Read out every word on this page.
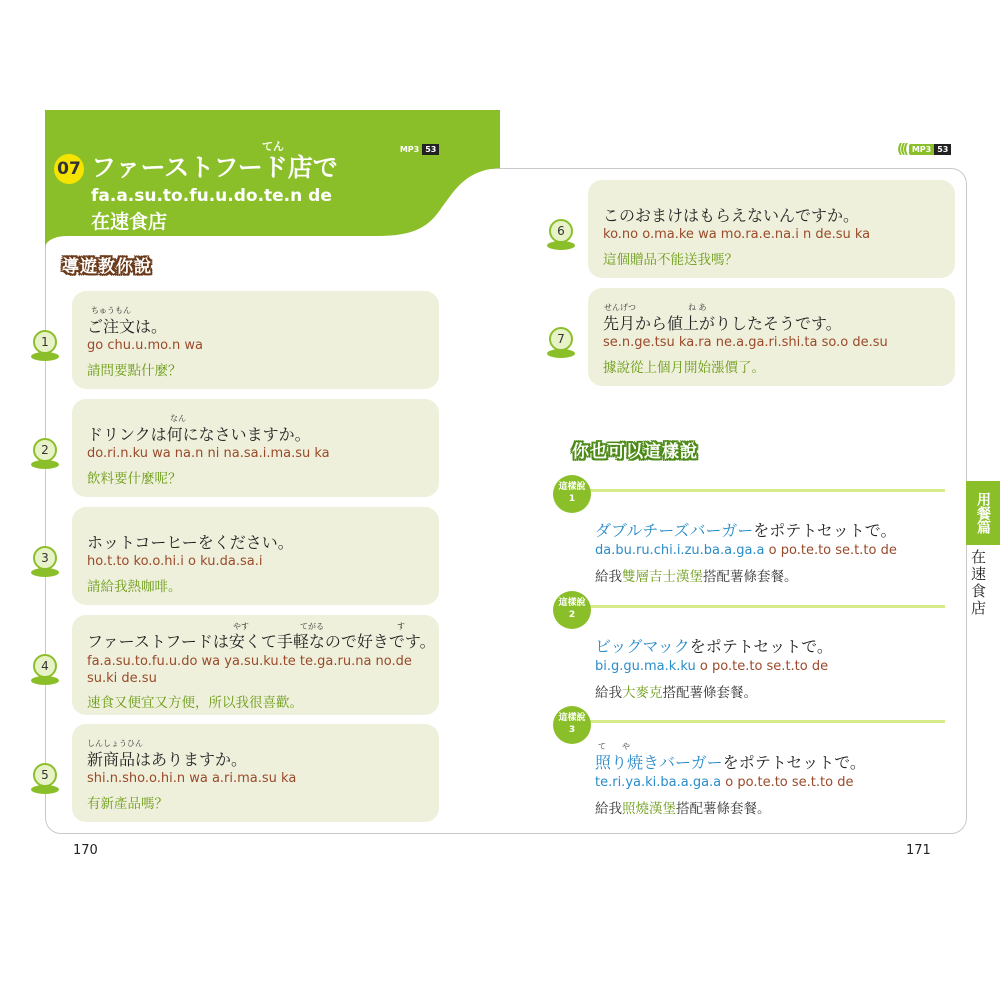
07 ファーストフード店で
てん
fa.a.su.to.fu.u.do.te.n de
在速食店
((( MP3 53	((( MP3 53
導遊教你說
1
ちゅうもん
ご注文は。
go chu.u.mo.n wa
請問要點什麼？
2
なん
ドリンクは何になさいますか。
do.ri.n.ku wa na.n ni na.sa.i.ma.su ka
飲料要什麼呢？
3
ホットコーヒーをください。
ho.t.to ko.o.hi.i o ku.da.sa.i
請給我熱咖啡。
4
やす	てがる	す
ファーストフードは安くて手軽なので好きです。
fa.a.su.to.fu.u.do wa ya.su.ku.te te.ga.ru.na no.de su.ki de.su
速食又便宜又方便，所以我很喜歡。
5
しんしょうひん
新商品はありますか。
shi.n.sho.o.hi.n wa a.ri.ma.su ka
有新產品嗎？
6
このおまけはもらえないんですか。
ko.no o.ma.ke wa mo.ra.e.na.i n de.su ka
這個贈品不能送我嗎？
7
せんげつ	ね あ
先月から値上がりしたそうです。
se.n.ge.tsu ka.ra ne.a.ga.ri.shi.ta so.o de.su
據說從上個月開始漲價了。
你也可以這樣說
這樣說
1
ダブルチーズバーガーをポテトセットで。
da.bu.ru.chi.i.zu.ba.a.ga.a o po.te.to se.t.to de
給我雙層吉士漢堡搭配薯條套餐。
這樣說
2
ビッグマックをポテトセットで。
bi.g.gu.ma.k.ku o po.te.to se.t.to de
給我大麥克搭配薯條套餐。
這樣說
3
て　　や
照り焼きバーガーをポテトセットで。
te.ri.ya.ki.ba.a.ga.a o po.te.to se.t.to de
給我照燒漢堡搭配薯條套餐。
用餐篇
在速食店
170	171
